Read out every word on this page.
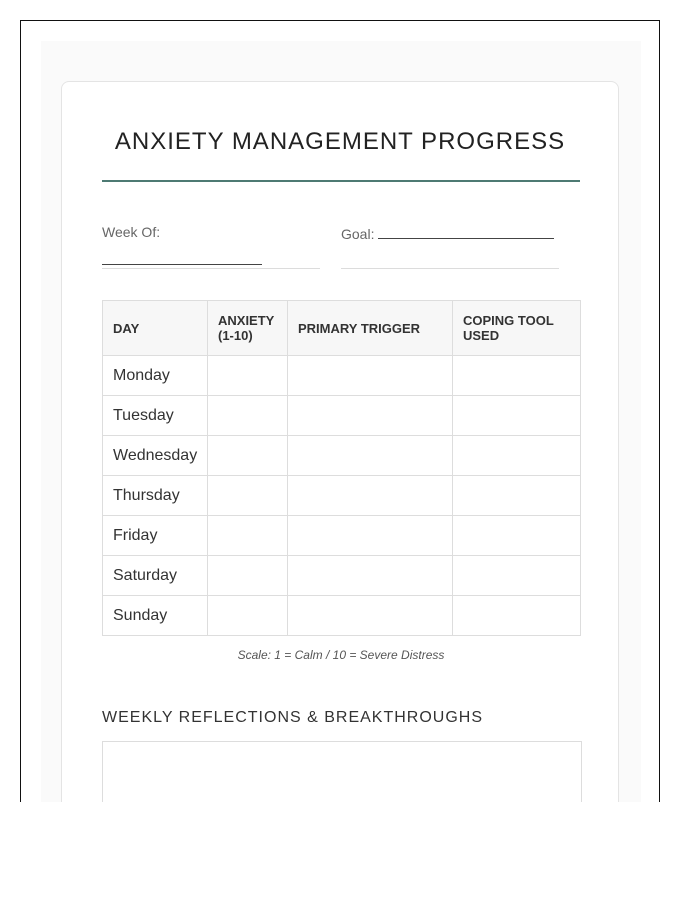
ANXIETY MANAGEMENT PROGRESS
Week Of:	Goal:
DAY	ANXIETY (1-10)	PRIMARY TRIGGER	COPING TOOL USED
Monday			
Tuesday			
Wednesday			
Thursday			
Friday			
Saturday			
Sunday			
Scale: 1 = Calm / 10 = Severe Distress
WEEKLY REFLECTIONS & BREAKTHROUGHS
